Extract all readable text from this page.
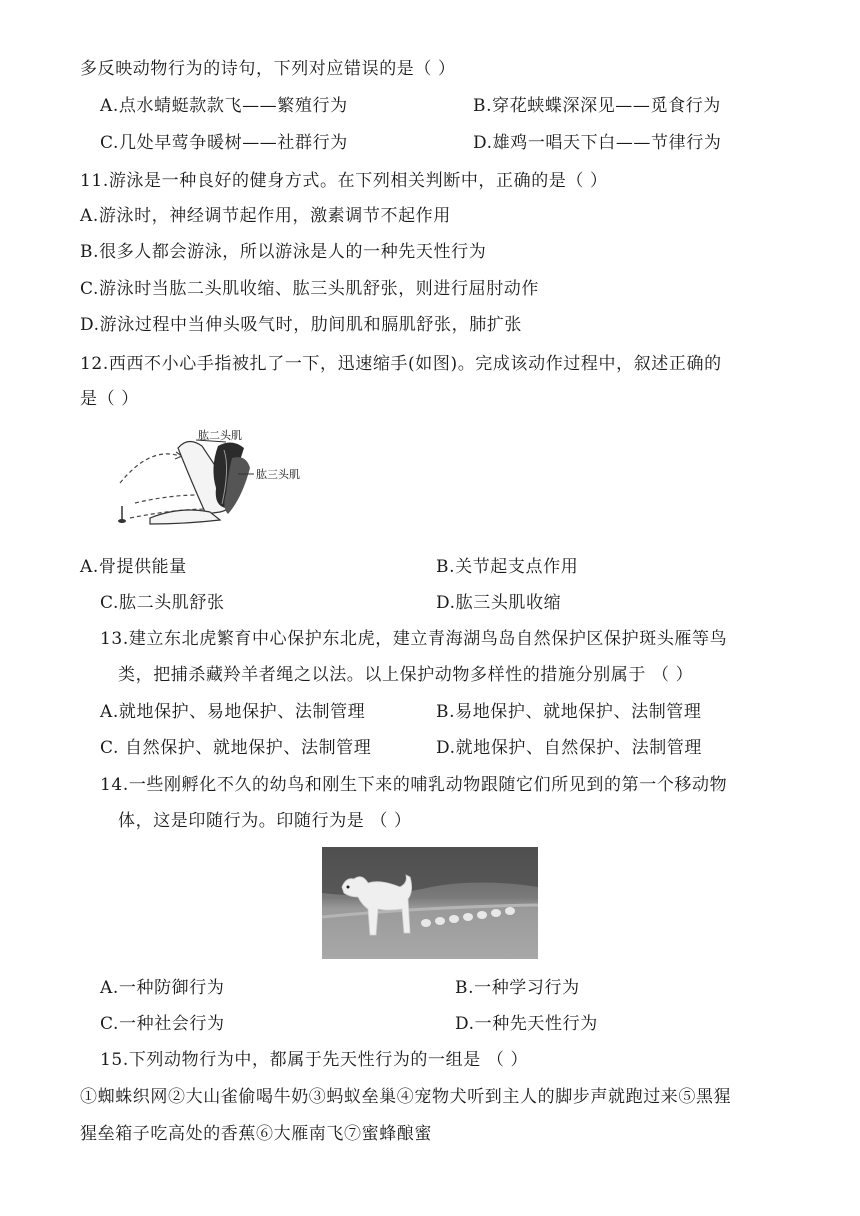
多反映动物行为的诗句，下列对应错误的是（ ）
A.点水蜻蜓款款飞——繁殖行为	B.穿花蛱蝶深深见——觅食行为
C.几处早莺争暖树——社群行为	D.雄鸡一唱天下白——节律行为
11.游泳是一种良好的健身方式。在下列相关判断中，正确的是（ ）
A.游泳时，神经调节起作用，激素调节不起作用
B.很多人都会游泳，所以游泳是人的一种先天性行为
C.游泳时当肱二头肌收缩、肱三头肌舒张，则进行屈肘动作
D.游泳过程中当伸头吸气时，肋间肌和膈肌舒张，肺扩张
12.西西不小心手指被扎了一下，迅速缩手(如图)。完成该动作过程中，叙述正确的
是（ ）
肱二头肌
肱三头肌
A.骨提供能量	B.关节起支点作用
C.肱二头肌舒张	D.肱三头肌收缩
13.建立东北虎繁育中心保护东北虎，建立青海湖鸟岛自然保护区保护斑头雁等鸟
类，把捕杀藏羚羊者绳之以法。以上保护动物多样性的措施分别属于 （ ）
A.就地保护、易地保护、法制管理	B.易地保护、就地保护、法制管理
C. 自然保护、就地保护、法制管理	D.就地保护、自然保护、法制管理
14.一些刚孵化不久的幼鸟和刚生下来的哺乳动物跟随它们所见到的第一个移动物
体，这是印随行为。印随行为是 （ ）
A.一种防御行为	B.一种学习行为
C.一种社会行为	D.一种先天性行为
15.下列动物行为中，都属于先天性行为的一组是 （ ）
①蜘蛛织网②大山雀偷喝牛奶③蚂蚁垒巢④宠物犬听到主人的脚步声就跑过来⑤黑猩
猩垒箱子吃高处的香蕉⑥大雁南飞⑦蜜蜂酿蜜
